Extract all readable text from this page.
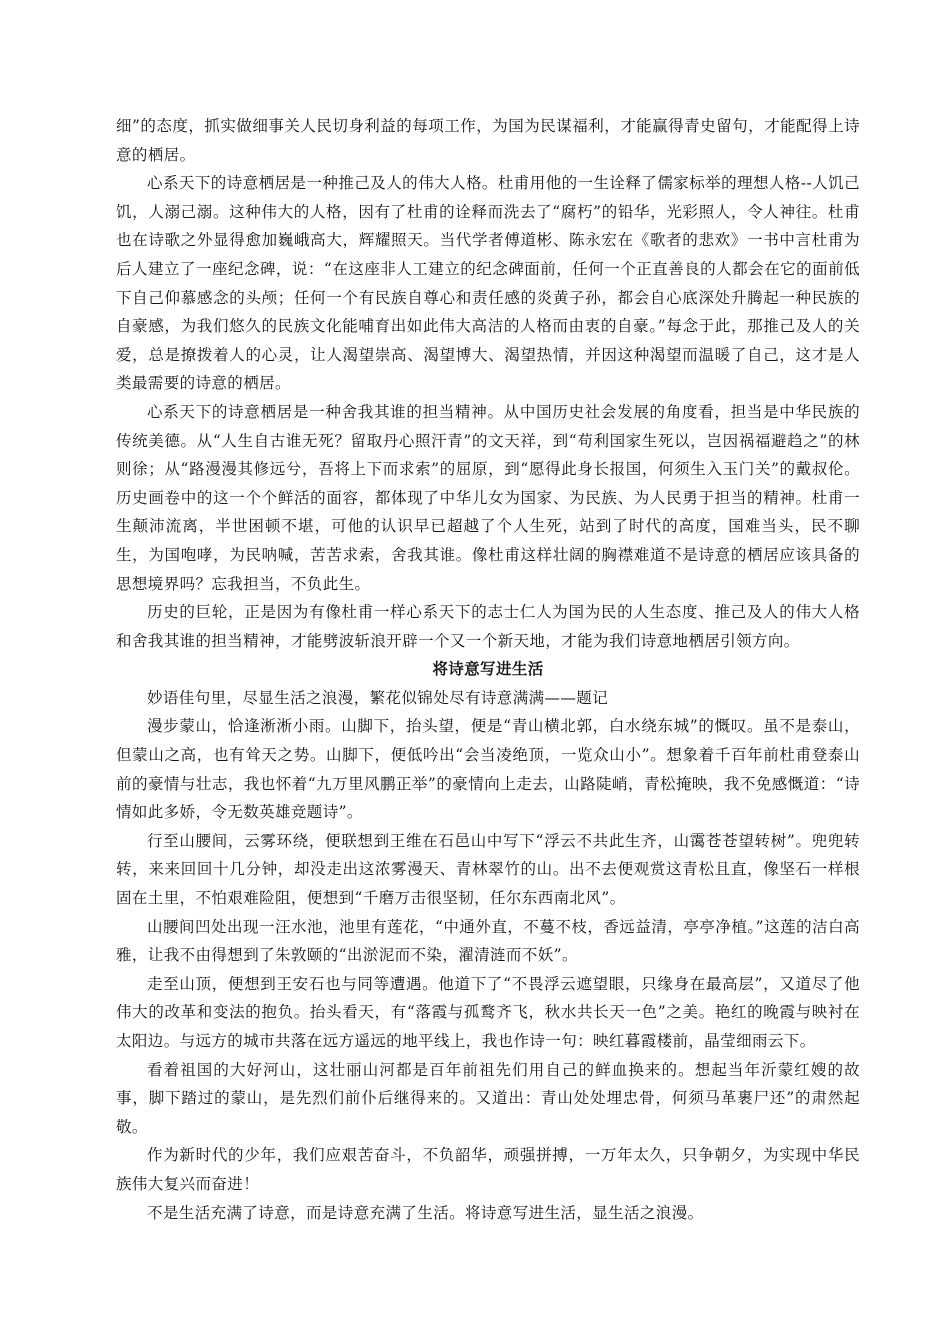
细”的态度，抓实做细事关人民切身利益的每项工作，为国为民谋福利，才能赢得青史留句，才能配得上诗意的栖居。

心系天下的诗意栖居是一种推己及人的伟大人格。杜甫用他的一生诠释了儒家标举的理想人格--人饥己饥，人溺己溺。这种伟大的人格，因有了杜甫的诠释而洗去了“腐朽”的铅华，光彩照人，令人神往。杜甫也在诗歌之外显得愈加巍峨高大，辉耀照天。当代学者傅道彬、陈永宏在《歌者的悲欢》一书中言杜甫为后人建立了一座纪念碑，说：“在这座非人工建立的纪念碑面前，任何一个正直善良的人都会在它的面前低下自己仰慕感念的头颅；任何一个有民族自尊心和责任感的炎黄子孙，都会自心底深处升腾起一种民族的自豪感，为我们悠久的民族文化能哺育出如此伟大高洁的人格而由衷的自豪。”每念于此，那推己及人的关爱，总是撩拨着人的心灵，让人渴望崇高、渴望博大、渴望热情，并因这种渴望而温暖了自己，这才是人类最需要的诗意的栖居。

心系天下的诗意栖居是一种舍我其谁的担当精神。从中国历史社会发展的角度看，担当是中华民族的传统美德。从“人生自古谁无死？留取丹心照汗青”的文天祥，到“苟利国家生死以，岂因祸福避趋之”的林则徐；从“路漫漫其修远兮，吾将上下而求索”的屈原，到“愿得此身长报国，何须生入玉门关”的戴叔伦。历史画卷中的这一个个鲜活的面容，都体现了中华儿女为国家、为民族、为人民勇于担当的精神。杜甫一生颠沛流离，半世困顿不堪，可他的认识早已超越了个人生死，站到了时代的高度，国难当头，民不聊生，为国咆哮，为民呐喊，苦苦求索，舍我其谁。像杜甫这样壮阔的胸襟难道不是诗意的栖居应该具备的思想境界吗？忘我担当，不负此生。

历史的巨轮，正是因为有像杜甫一样心系天下的志士仁人为国为民的人生态度、推己及人的伟大人格和舍我其谁的担当精神，才能劈波斩浪开辟一个又一个新天地，才能为我们诗意地栖居引领方向。

将诗意写进生活

妙语佳句里，尽显生活之浪漫，繁花似锦处尽有诗意满满——题记

漫步蒙山，恰逢淅淅小雨。山脚下，抬头望，便是“青山横北郭，白水绕东城”的慨叹。虽不是泰山，但蒙山之高，也有耸天之势。山脚下，便低吟出“会当凌绝顶，一览众山小”。想象着千百年前杜甫登泰山前的豪情与壮志，我也怀着“九万里风鹏正举”的豪情向上走去，山路陡峭，青松掩映，我不免感慨道：“诗情如此多娇，令无数英雄竞题诗”。

行至山腰间，云雾环绕，便联想到王维在石邑山中写下“浮云不共此生齐，山霭苍苍望转树”。兜兜转转，来来回回十几分钟，却没走出这浓雾漫天、青林翠竹的山。出不去便观赏这青松且直，像坚石一样根固在土里，不怕艰难险阻，便想到“千磨万击很坚韧，任尔东西南北风”。

山腰间凹处出现一汪水池，池里有莲花，“中通外直，不蔓不枝，香远益清，亭亭净植。”这莲的洁白高雅，让我不由得想到了朱敦颐的“出淤泥而不染，濯清涟而不妖”。

走至山顶，便想到王安石也与同等遭遇。他道下了“不畏浮云遮望眼，只缘身在最高层”，又道尽了他伟大的改革和变法的抱负。抬头看天，有“落霞与孤鹜齐飞，秋水共长天一色”之美。艳红的晚霞与映衬在太阳边。与远方的城市共落在远方遥远的地平线上，我也作诗一句：映红暮霞楼前，晶莹细雨云下。

看着祖国的大好河山，这壮丽山河都是百年前祖先们用自己的鲜血换来的。想起当年沂蒙红嫂的故事，脚下踏过的蒙山，是先烈们前仆后继得来的。又道出：青山处处埋忠骨，何须马革裹尸还”的肃然起敬。

作为新时代的少年，我们应艰苦奋斗，不负韶华，顽强拼搏，一万年太久，只争朝夕，为实现中华民族伟大复兴而奋进！

不是生活充满了诗意，而是诗意充满了生活。将诗意写进生活，显生活之浪漫。
